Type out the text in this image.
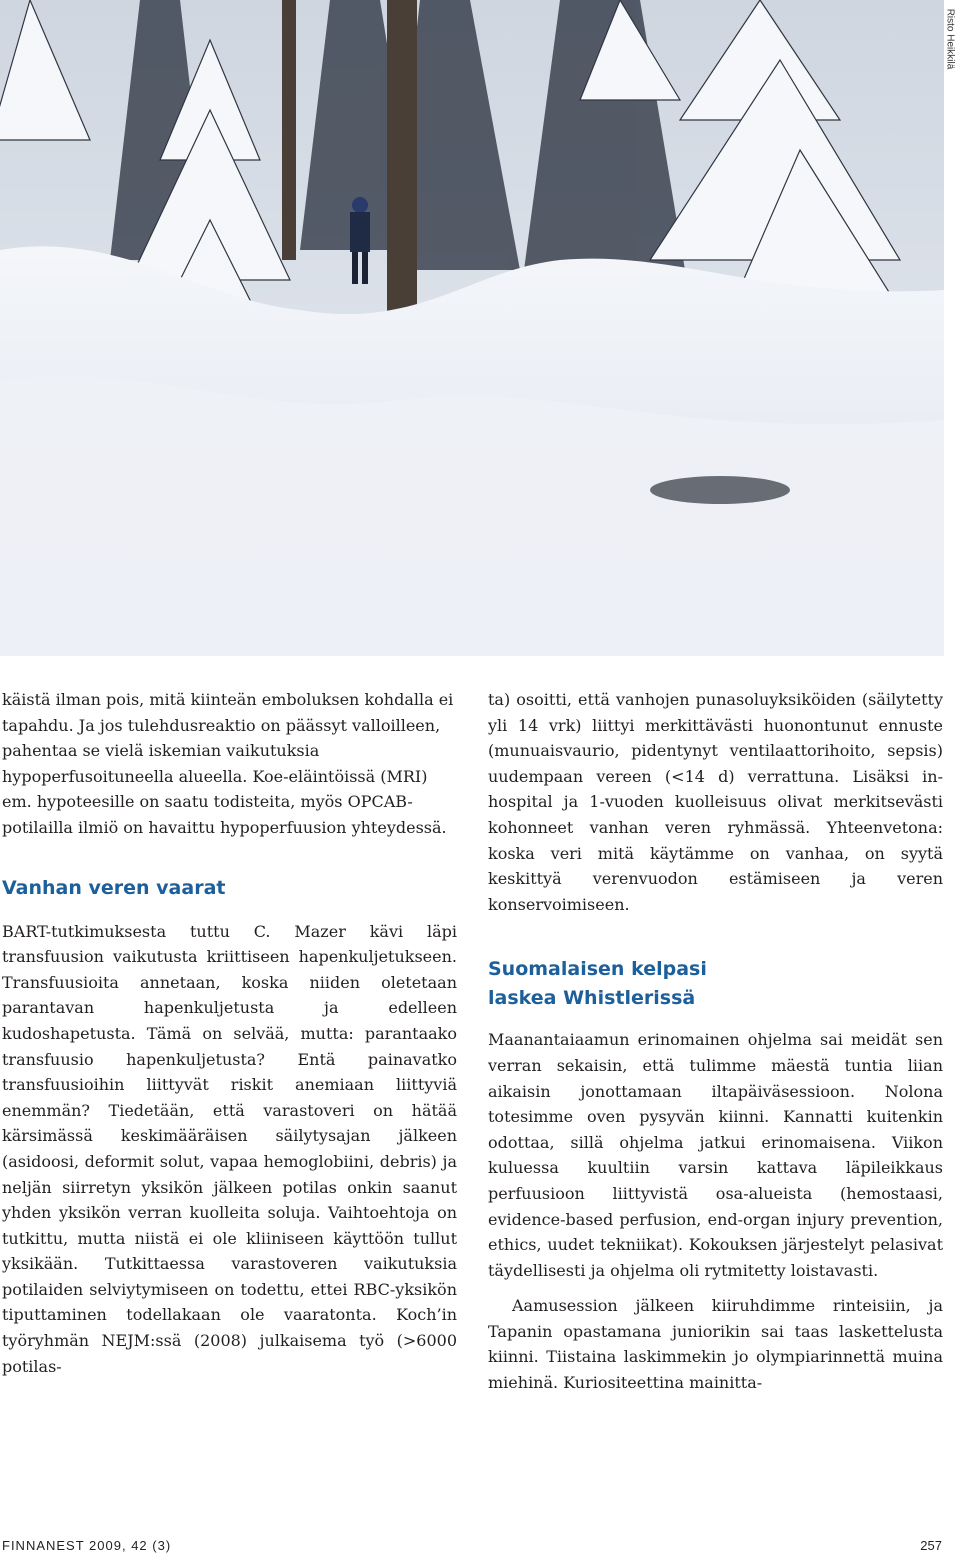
Risto Heikkilä

käistä ilman pois, mitä kiinteän emboluksen kohdalla ei tapahdu. Ja jos tulehdusreaktio on päässyt valloilleen, pahentaa se vielä iskemian vaikutuksia hypoperfusoituneella alueella. Koe-eläintöissä (MRI) em. hypoteesille on saatu todisteita, myös OPCAB-potilailla ilmiö on havaittu hypoperfuusion yhteydessä.

Vanhan veren vaarat

BART-tutkimuksesta tuttu C. Mazer kävi läpi transfuusion vaikutusta kriittiseen hapenkuljetukseen. Transfuusioita annetaan, koska niiden oletetaan parantavan hapenkuljetusta ja edelleen kudoshapetusta. Tämä on selvää, mutta: parantaako transfuusio hapenkuljetusta? Entä painavatko transfuusioihin liittyvät riskit anemiaan liittyviä enemmän? Tiedetään, että varastoveri on hätää kärsimässä keskimääräisen säilytysajan jälkeen (asidoosi, deformit solut, vapaa hemoglobiini, debris) ja neljän siirretyn yksikön jälkeen potilas onkin saanut yhden yksikön verran kuolleita soluja. Vaihtoehtoja on tutkittu, mutta niistä ei ole kliiniseen käyttöön tullut yksikään. Tutkittaessa varastoveren vaikutuksia potilaiden selviytymiseen on todettu, ettei RBC-yksikön tiputtaminen todellakaan ole vaaratonta. Koch’in työryhmän NEJM:ssä (2008) julkaisema työ (>6000 potilas-

ta) osoitti, että vanhojen punasoluyksiköiden (säilytetty yli 14 vrk) liittyi merkittävästi huonontunut ennuste (munuaisvaurio, pidentynyt ventilaattorihoito, sepsis) uudempaan vereen (<14 d) verrattuna. Lisäksi in-hospital ja 1-vuoden kuolleisuus olivat merkitsevästi kohonneet vanhan veren ryhmässä. Yhteenvetona: koska veri mitä käytämme on vanhaa, on syytä keskittyä verenvuodon estämiseen ja veren konservoimiseen.

Suomalaisen kelpasi
laskea Whistlerissä

Maanantaiaamun erinomainen ohjelma sai meidät sen verran sekaisin, että tulimme mäestä tuntia liian aikaisin jonottamaan iltapäiväsessioon. Nolona totesimme oven pysyvän kiinni. Kannatti kuitenkin odottaa, sillä ohjelma jatkui erinomaisena. Viikon kuluessa kuultiin varsin kattava läpileikkaus perfuusioon liittyvistä osa-alueista (hemostaasi, evidence-based perfusion, end-organ injury prevention, ethics, uudet tekniikat). Kokouksen järjestelyt pelasivat täydellisesti ja ohjelma oli rytmitetty loistavasti.

Aamusession jälkeen kiiruhdimme rinteisiin, ja Tapanin opastamana juniorikin sai taas laskettelusta kiinni. Tiistaina laskimmekin jo olympiarinnettä muina miehinä. Kuriositeettina mainitta-

FINNANEST 2009, 42 (3)	257
